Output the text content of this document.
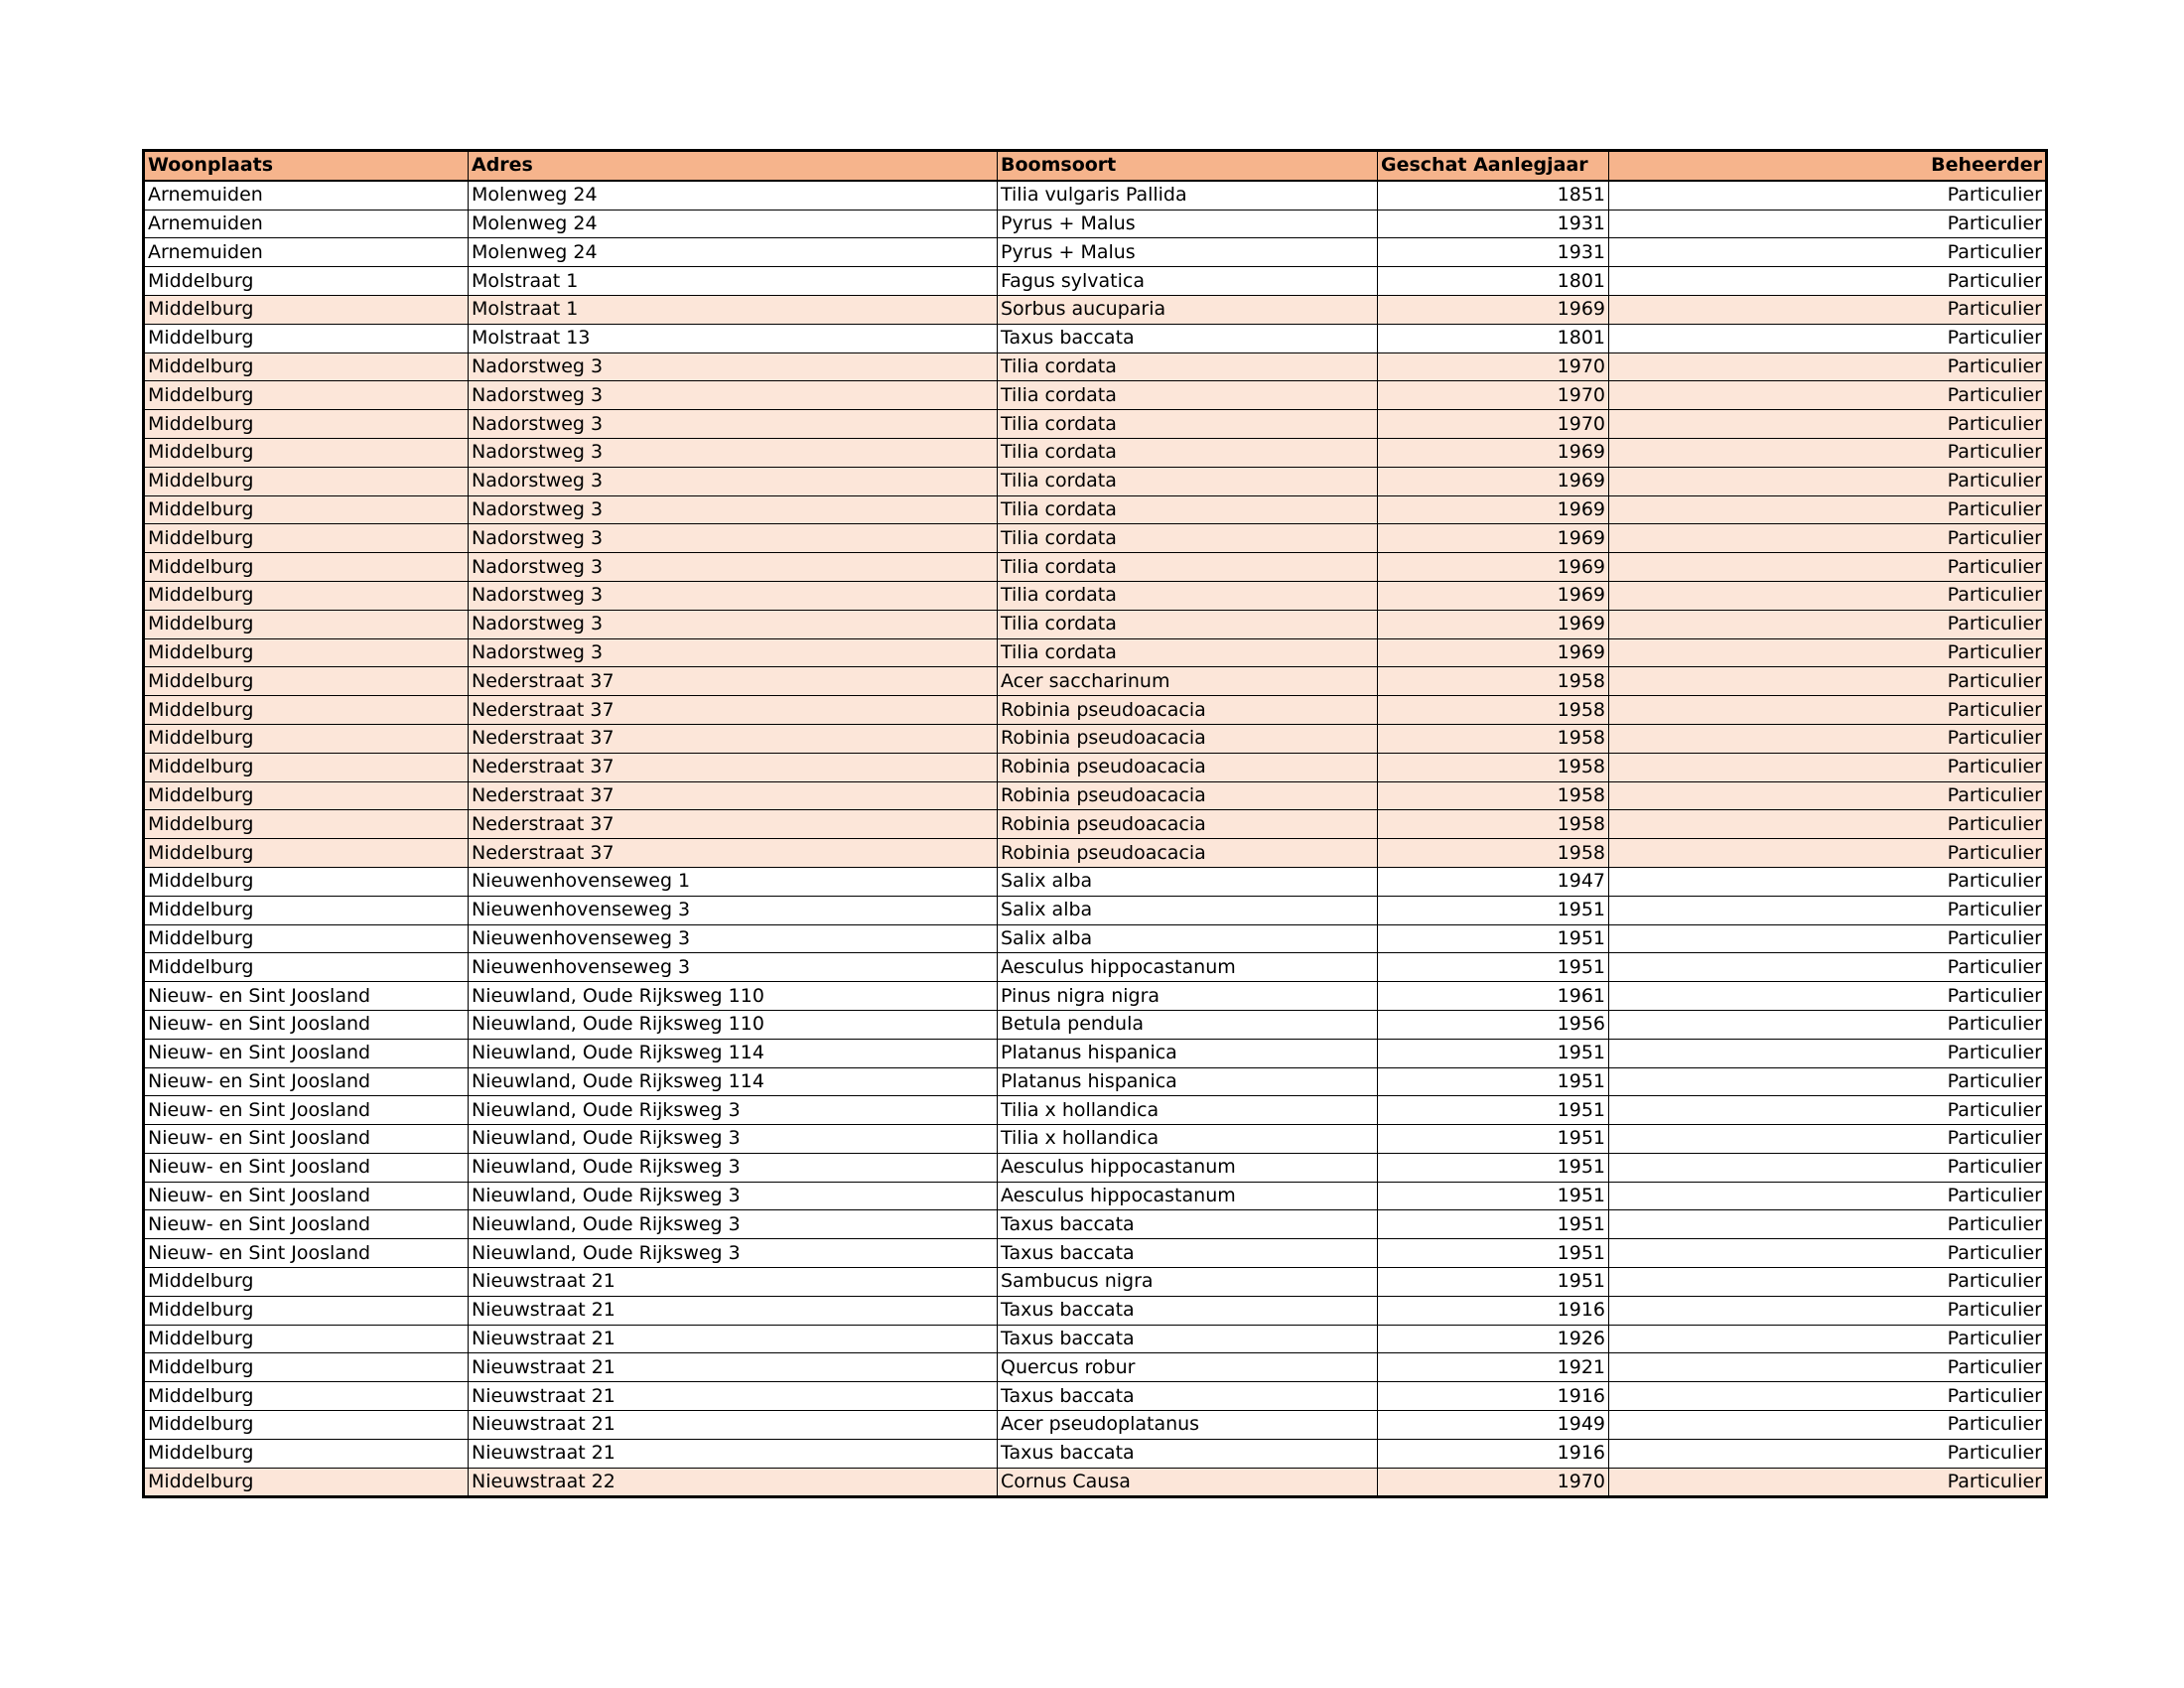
Woonplaats	Adres	Boomsoort	Geschat Aanlegjaar	Beheerder
Arnemuiden	Molenweg 24	Tilia vulgaris Pallida	1851	Particulier
Arnemuiden	Molenweg 24	Pyrus + Malus	1931	Particulier
Arnemuiden	Molenweg 24	Pyrus + Malus	1931	Particulier
Middelburg	Molstraat 1	Fagus sylvatica	1801	Particulier
Middelburg	Molstraat 1	Sorbus aucuparia	1969	Particulier
Middelburg	Molstraat 13	Taxus baccata	1801	Particulier
Middelburg	Nadorstweg 3	Tilia cordata	1970	Particulier
Middelburg	Nadorstweg 3	Tilia cordata	1970	Particulier
Middelburg	Nadorstweg 3	Tilia cordata	1970	Particulier
Middelburg	Nadorstweg 3	Tilia cordata	1969	Particulier
Middelburg	Nadorstweg 3	Tilia cordata	1969	Particulier
Middelburg	Nadorstweg 3	Tilia cordata	1969	Particulier
Middelburg	Nadorstweg 3	Tilia cordata	1969	Particulier
Middelburg	Nadorstweg 3	Tilia cordata	1969	Particulier
Middelburg	Nadorstweg 3	Tilia cordata	1969	Particulier
Middelburg	Nadorstweg 3	Tilia cordata	1969	Particulier
Middelburg	Nadorstweg 3	Tilia cordata	1969	Particulier
Middelburg	Nederstraat 37	Acer saccharinum	1958	Particulier
Middelburg	Nederstraat 37	Robinia pseudoacacia	1958	Particulier
Middelburg	Nederstraat 37	Robinia pseudoacacia	1958	Particulier
Middelburg	Nederstraat 37	Robinia pseudoacacia	1958	Particulier
Middelburg	Nederstraat 37	Robinia pseudoacacia	1958	Particulier
Middelburg	Nederstraat 37	Robinia pseudoacacia	1958	Particulier
Middelburg	Nederstraat 37	Robinia pseudoacacia	1958	Particulier
Middelburg	Nieuwenhovenseweg 1	Salix alba	1947	Particulier
Middelburg	Nieuwenhovenseweg 3	Salix alba	1951	Particulier
Middelburg	Nieuwenhovenseweg 3	Salix alba	1951	Particulier
Middelburg	Nieuwenhovenseweg 3	Aesculus hippocastanum	1951	Particulier
Nieuw- en Sint Joosland	Nieuwland, Oude Rijksweg 110	Pinus nigra nigra	1961	Particulier
Nieuw- en Sint Joosland	Nieuwland, Oude Rijksweg 110	Betula pendula	1956	Particulier
Nieuw- en Sint Joosland	Nieuwland, Oude Rijksweg 114	Platanus hispanica	1951	Particulier
Nieuw- en Sint Joosland	Nieuwland, Oude Rijksweg 114	Platanus hispanica	1951	Particulier
Nieuw- en Sint Joosland	Nieuwland, Oude Rijksweg 3	Tilia x hollandica	1951	Particulier
Nieuw- en Sint Joosland	Nieuwland, Oude Rijksweg 3	Tilia x hollandica	1951	Particulier
Nieuw- en Sint Joosland	Nieuwland, Oude Rijksweg 3	Aesculus hippocastanum	1951	Particulier
Nieuw- en Sint Joosland	Nieuwland, Oude Rijksweg 3	Aesculus hippocastanum	1951	Particulier
Nieuw- en Sint Joosland	Nieuwland, Oude Rijksweg 3	Taxus baccata	1951	Particulier
Nieuw- en Sint Joosland	Nieuwland, Oude Rijksweg 3	Taxus baccata	1951	Particulier
Middelburg	Nieuwstraat 21	Sambucus nigra	1951	Particulier
Middelburg	Nieuwstraat 21	Taxus baccata	1916	Particulier
Middelburg	Nieuwstraat 21	Taxus baccata	1926	Particulier
Middelburg	Nieuwstraat 21	Quercus robur	1921	Particulier
Middelburg	Nieuwstraat 21	Taxus baccata	1916	Particulier
Middelburg	Nieuwstraat 21	Acer pseudoplatanus	1949	Particulier
Middelburg	Nieuwstraat 21	Taxus baccata	1916	Particulier
Middelburg	Nieuwstraat 22	Cornus Causa	1970	Particulier
